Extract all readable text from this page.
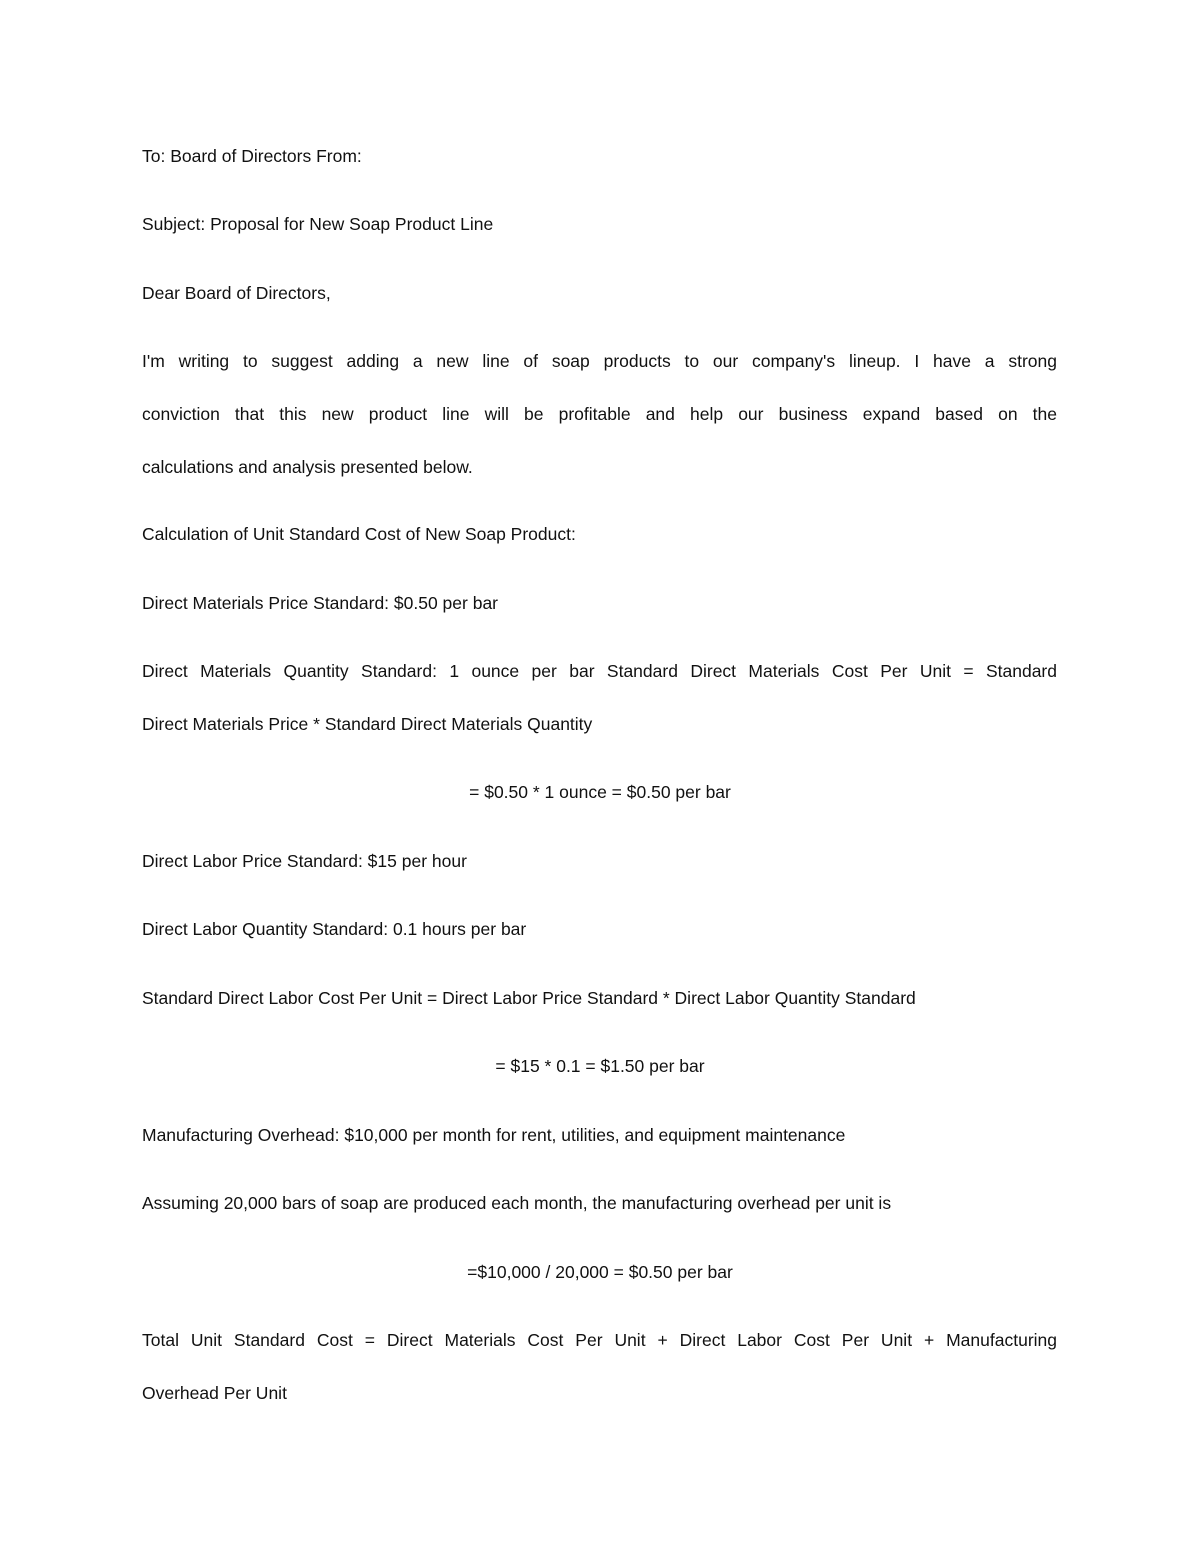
To: Board of Directors From:

Subject: Proposal for New Soap Product Line

Dear Board of Directors,

I'm writing to suggest adding a new line of soap products to our company's lineup. I have a strong

conviction that this new product line will be profitable and help our business expand based on the

calculations and analysis presented below.

Calculation of Unit Standard Cost of New Soap Product:

Direct Materials Price Standard: $0.50 per bar

Direct Materials Quantity Standard: 1 ounce per bar Standard Direct Materials Cost Per Unit = Standard

Direct Materials Price * Standard Direct Materials Quantity

= $0.50 * 1 ounce = $0.50 per bar

Direct Labor Price Standard: $15 per hour

Direct Labor Quantity Standard: 0.1 hours per bar

Standard Direct Labor Cost Per Unit = Direct Labor Price Standard * Direct Labor Quantity Standard

= $15 * 0.1 = $1.50 per bar

Manufacturing Overhead: $10,000 per month for rent, utilities, and equipment maintenance

Assuming 20,000 bars of soap are produced each month, the manufacturing overhead per unit is

=$10,000 / 20,000 = $0.50 per bar

Total Unit Standard Cost = Direct Materials Cost Per Unit + Direct Labor Cost Per Unit + Manufacturing

Overhead Per Unit
